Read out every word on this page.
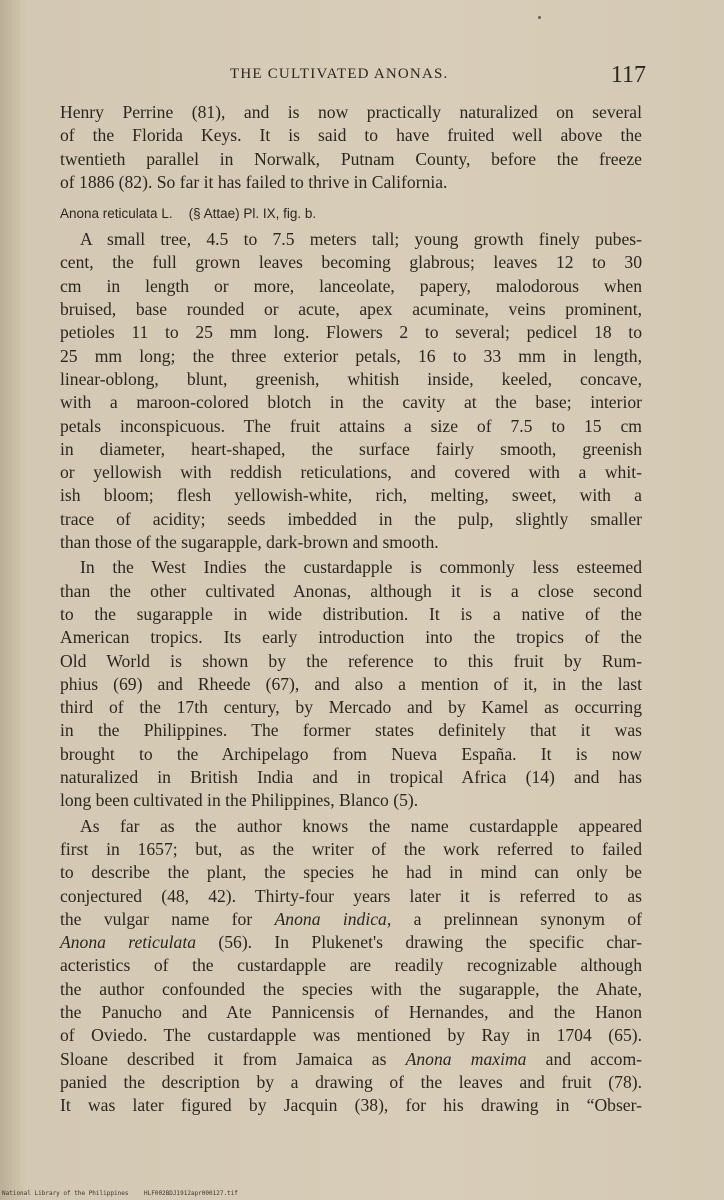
THE CULTIVATED ANONAS.	117
Henry Perrine (81), and is now practically naturalized on several
of the Florida Keys. It is said to have fruited well above the
twentieth parallel in Norwalk, Putnam County, before the freeze
of 1886 (82). So far it has failed to thrive in California.
Anona reticulata L. (§ Attae) Pl. IX, fig. b.
A small tree, 4.5 to 7.5 meters tall; young growth finely pubes-
cent, the full grown leaves becoming glabrous; leaves 12 to 30
cm in length or more, lanceolate, papery, malodorous when
bruised, base rounded or acute, apex acuminate, veins prominent,
petioles 11 to 25 mm long. Flowers 2 to several; pedicel 18 to
25 mm long; the three exterior petals, 16 to 33 mm in length,
linear-oblong, blunt, greenish, whitish inside, keeled, concave,
with a maroon-colored blotch in the cavity at the base; interior
petals inconspicuous. The fruit attains a size of 7.5 to 15 cm
in diameter, heart-shaped, the surface fairly smooth, greenish
or yellowish with reddish reticulations, and covered with a whit-
ish bloom; flesh yellowish-white, rich, melting, sweet, with a
trace of acidity; seeds imbedded in the pulp, slightly smaller
than those of the sugarapple, dark-brown and smooth.
In the West Indies the custardapple is commonly less esteemed
than the other cultivated Anonas, although it is a close second
to the sugarapple in wide distribution. It is a native of the
American tropics. Its early introduction into the tropics of the
Old World is shown by the reference to this fruit by Rum-
phius (69) and Rheede (67), and also a mention of it, in the last
third of the 17th century, by Mercado and by Kamel as occurring
in the Philippines. The former states definitely that it was
brought to the Archipelago from Nueva España. It is now
naturalized in British India and in tropical Africa (14) and has
long been cultivated in the Philippines, Blanco (5).
As far as the author knows the name custardapple appeared
first in 1657; but, as the writer of the work referred to failed
to describe the plant, the species he had in mind can only be
conjectured (48, 42). Thirty-four years later it is referred to as
the vulgar name for Anona indica, a prelinnean synonym of
Anona reticulata (56). In Plukenet's drawing the specific char-
acteristics of the custardapple are readily recognizable although
the author confounded the species with the sugarapple, the Ahate,
the Panucho and Ate Pannicensis of Hernandes, and the Hanon
of Oviedo. The custardapple was mentioned by Ray in 1704 (65).
Sloane described it from Jamaica as Anona maxima and accom-
panied the description by a drawing of the leaves and fruit (78).
It was later figured by Jacquin (38), for his drawing in “Obser-
National Library of the Philippines	HLF002BDJ1912apr000127.tif
